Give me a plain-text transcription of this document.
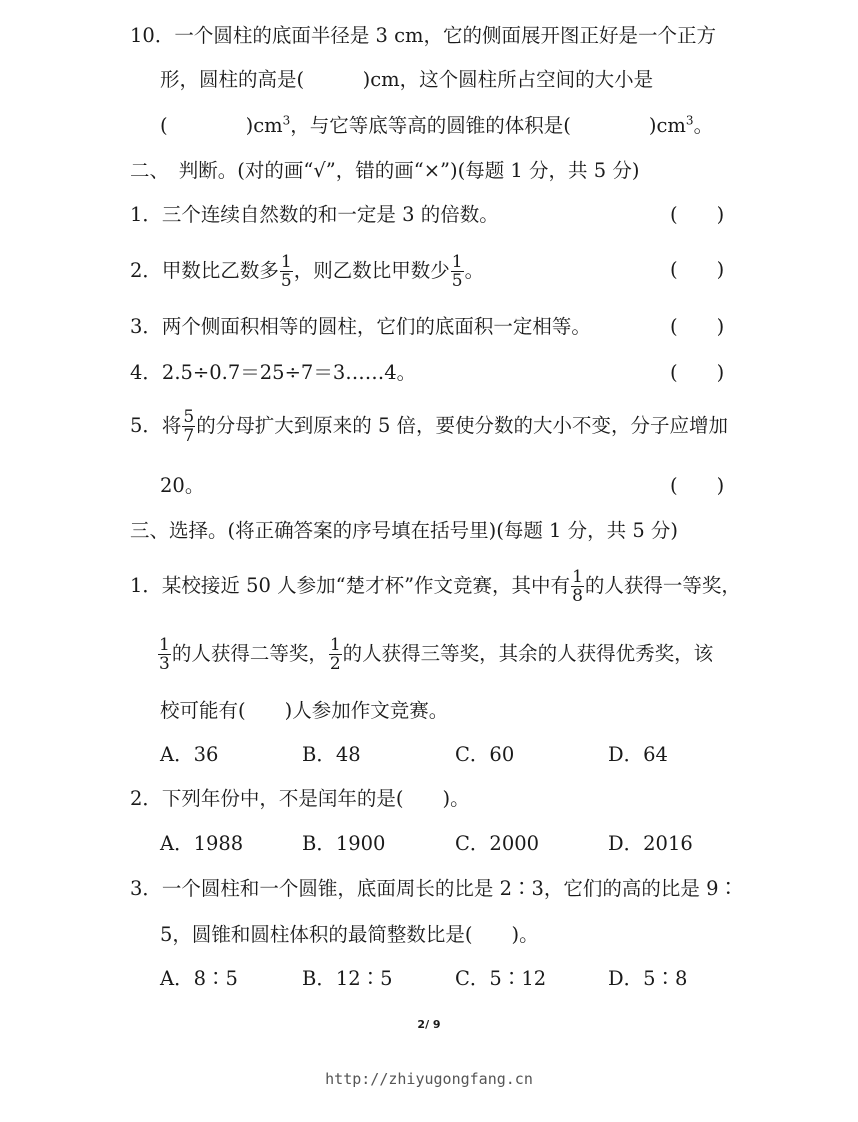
10．一个圆柱的底面半径是 3 cm，它的侧面展开图正好是一个正方
形，圆柱的高是(　　　)cm，这个圆柱所占空间的大小是
(　　　　)$cm^3$，与它等底等高的圆锥的体积是(　　　　)$cm^3$。
二、　判断。(对的画“√”，错的画“×”)(每题 1 分，共 5 分)
1．三个连续自然数的和一定是 3 的倍数。	(　　)
2．甲数比乙数多 $\frac{1}{5}$ ，则乙数比甲数少 $\frac{1}{5}$ 。	(　　)
3．两个侧面积相等的圆柱，它们的底面积一定相等。	(　　)
4．2.5÷0.7＝25÷7＝3……4。	(　　)
5．将 $\frac{5}{7}$ 的分母扩大到原来的 5 倍，要使分数的大小不变，分子应增加
20。	(　　)
三、选择。(将正确答案的序号填在括号里)(每题 1 分，共 5 分)
1．某校接近 50 人参加“楚才杯”作文竞赛，其中有 $\frac{1}{8}$ 的人获得一等奖，
$\frac{1}{3}$ 的人获得二等奖， $\frac{1}{2}$ 的人获得三等奖，其余的人获得优秀奖，该
校可能有(　　)人参加作文竞赛。
A．36	B．48	C．60	D．64
2．下列年份中，不是闰年的是(　　)。
A．1988	B．1900	C．2000	D．2016
3．一个圆柱和一个圆锥，底面周长的比是 2∶3，它们的高的比是 9∶
5，圆锥和圆柱体积的最简整数比是(　　)。
A．8∶5	B．12∶5	C．5∶12	D．5∶8
2/ 9
http://zhiyugongfang.cn
